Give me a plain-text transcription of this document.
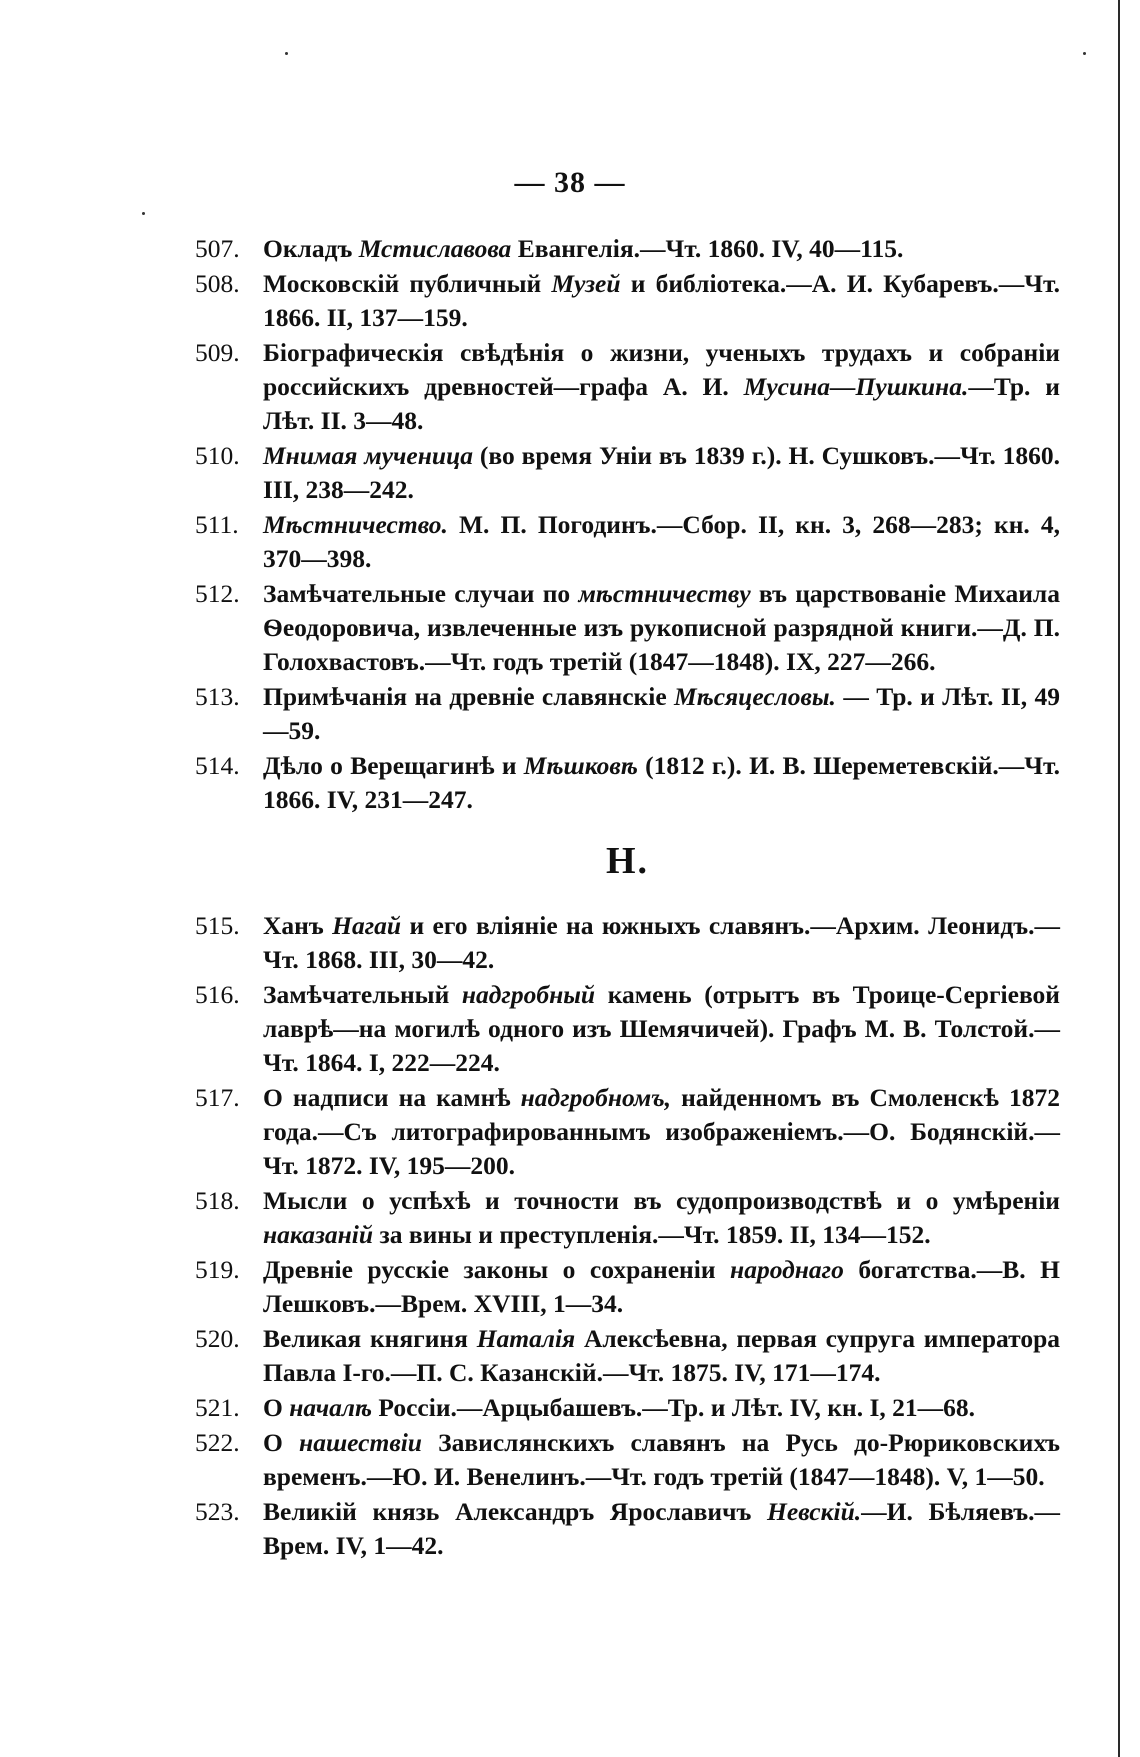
— 38 —
507. Окладъ Мстиславова Евангелія.—Чт. 1860. IV, 40—115.
508. Московскій публичный Музей и библіотека.—А. И. Кубаревъ.—Чт. 1866. II, 137—159.
509. Біографическія свѣдѣнія о жизни, ученыхъ трудахъ и собраніи российскихъ древностей—графа А. И. Мусина—Пушкина.—Тр. и Лѣт. II. 3—48.
510. Мнимая мученица (во время Уніи въ 1839 г.). Н. Сушковъ.—Чт. 1860. III, 238—242.
511. Мѣстничество. М. П. Погодинъ.—Сбор. II, кн. 3, 268—283; кн. 4, 370—398.
512. Замѣчательные случаи по мѣстничеству въ царствованіе Михаила Ѳеодоровича, извлеченные изъ рукописной разрядной книги.—Д. П. Голохвастовъ.—Чт. годъ третій (1847—1848). IX, 227—266.
513. Примѣчанія на древніе славянскіе Мѣсяцесловы. — Тр. и Лѣт. II, 49—59.
514. Дѣло о Верещагинѣ и Мѣшковѣ (1812 г.). И. В. Шереметевскій.—Чт. 1866. IV, 231—247.
Н.
515. Ханъ Нагай и его вліяніе на южныхъ славянъ.—Архим. Леонидъ.—Чт. 1868. III, 30—42.
516. Замѣчательный надгробный камень (отрытъ въ Троице-Сергіевой лаврѣ—на могилѣ одного изъ Шемячичей). Графъ М. В. Толстой.—Чт. 1864. I, 222—224.
517. О надписи на камнѣ надгробномъ, найденномъ въ Смоленскѣ 1872 года.—Съ литографированнымъ изображеніемъ.—О. Бодянскій.—Чт. 1872. IV, 195—200.
518. Мысли о успѣхѣ и точности въ судопроизводствѣ и о умѣреніи наказаній за вины и преступленія.—Чт. 1859. II, 134—152.
519. Древніе русскіе законы о сохраненіи народнаго богатства.—В. Н Лешковъ.—Врем. XVIII, 1—34.
520. Великая княгиня Наталія Алексѣевна, первая супруга императора Павла I-го.—П. С. Казанскій.—Чт. 1875. IV, 171—174.
521. О началѣ Россіи.—Арцыбашевъ.—Тр. и Лѣт. IV, кн. I, 21—68.
522. О нашествіи Завислянскихъ славянъ на Русь до-Рюриковскихъ временъ.—Ю. И. Венелинъ.—Чт. годъ третій (1847—1848). V, 1—50.
523. Великій князь Александръ Ярославичъ Невскій.—И. Бѣляевъ.—Врем. IV, 1—42.
